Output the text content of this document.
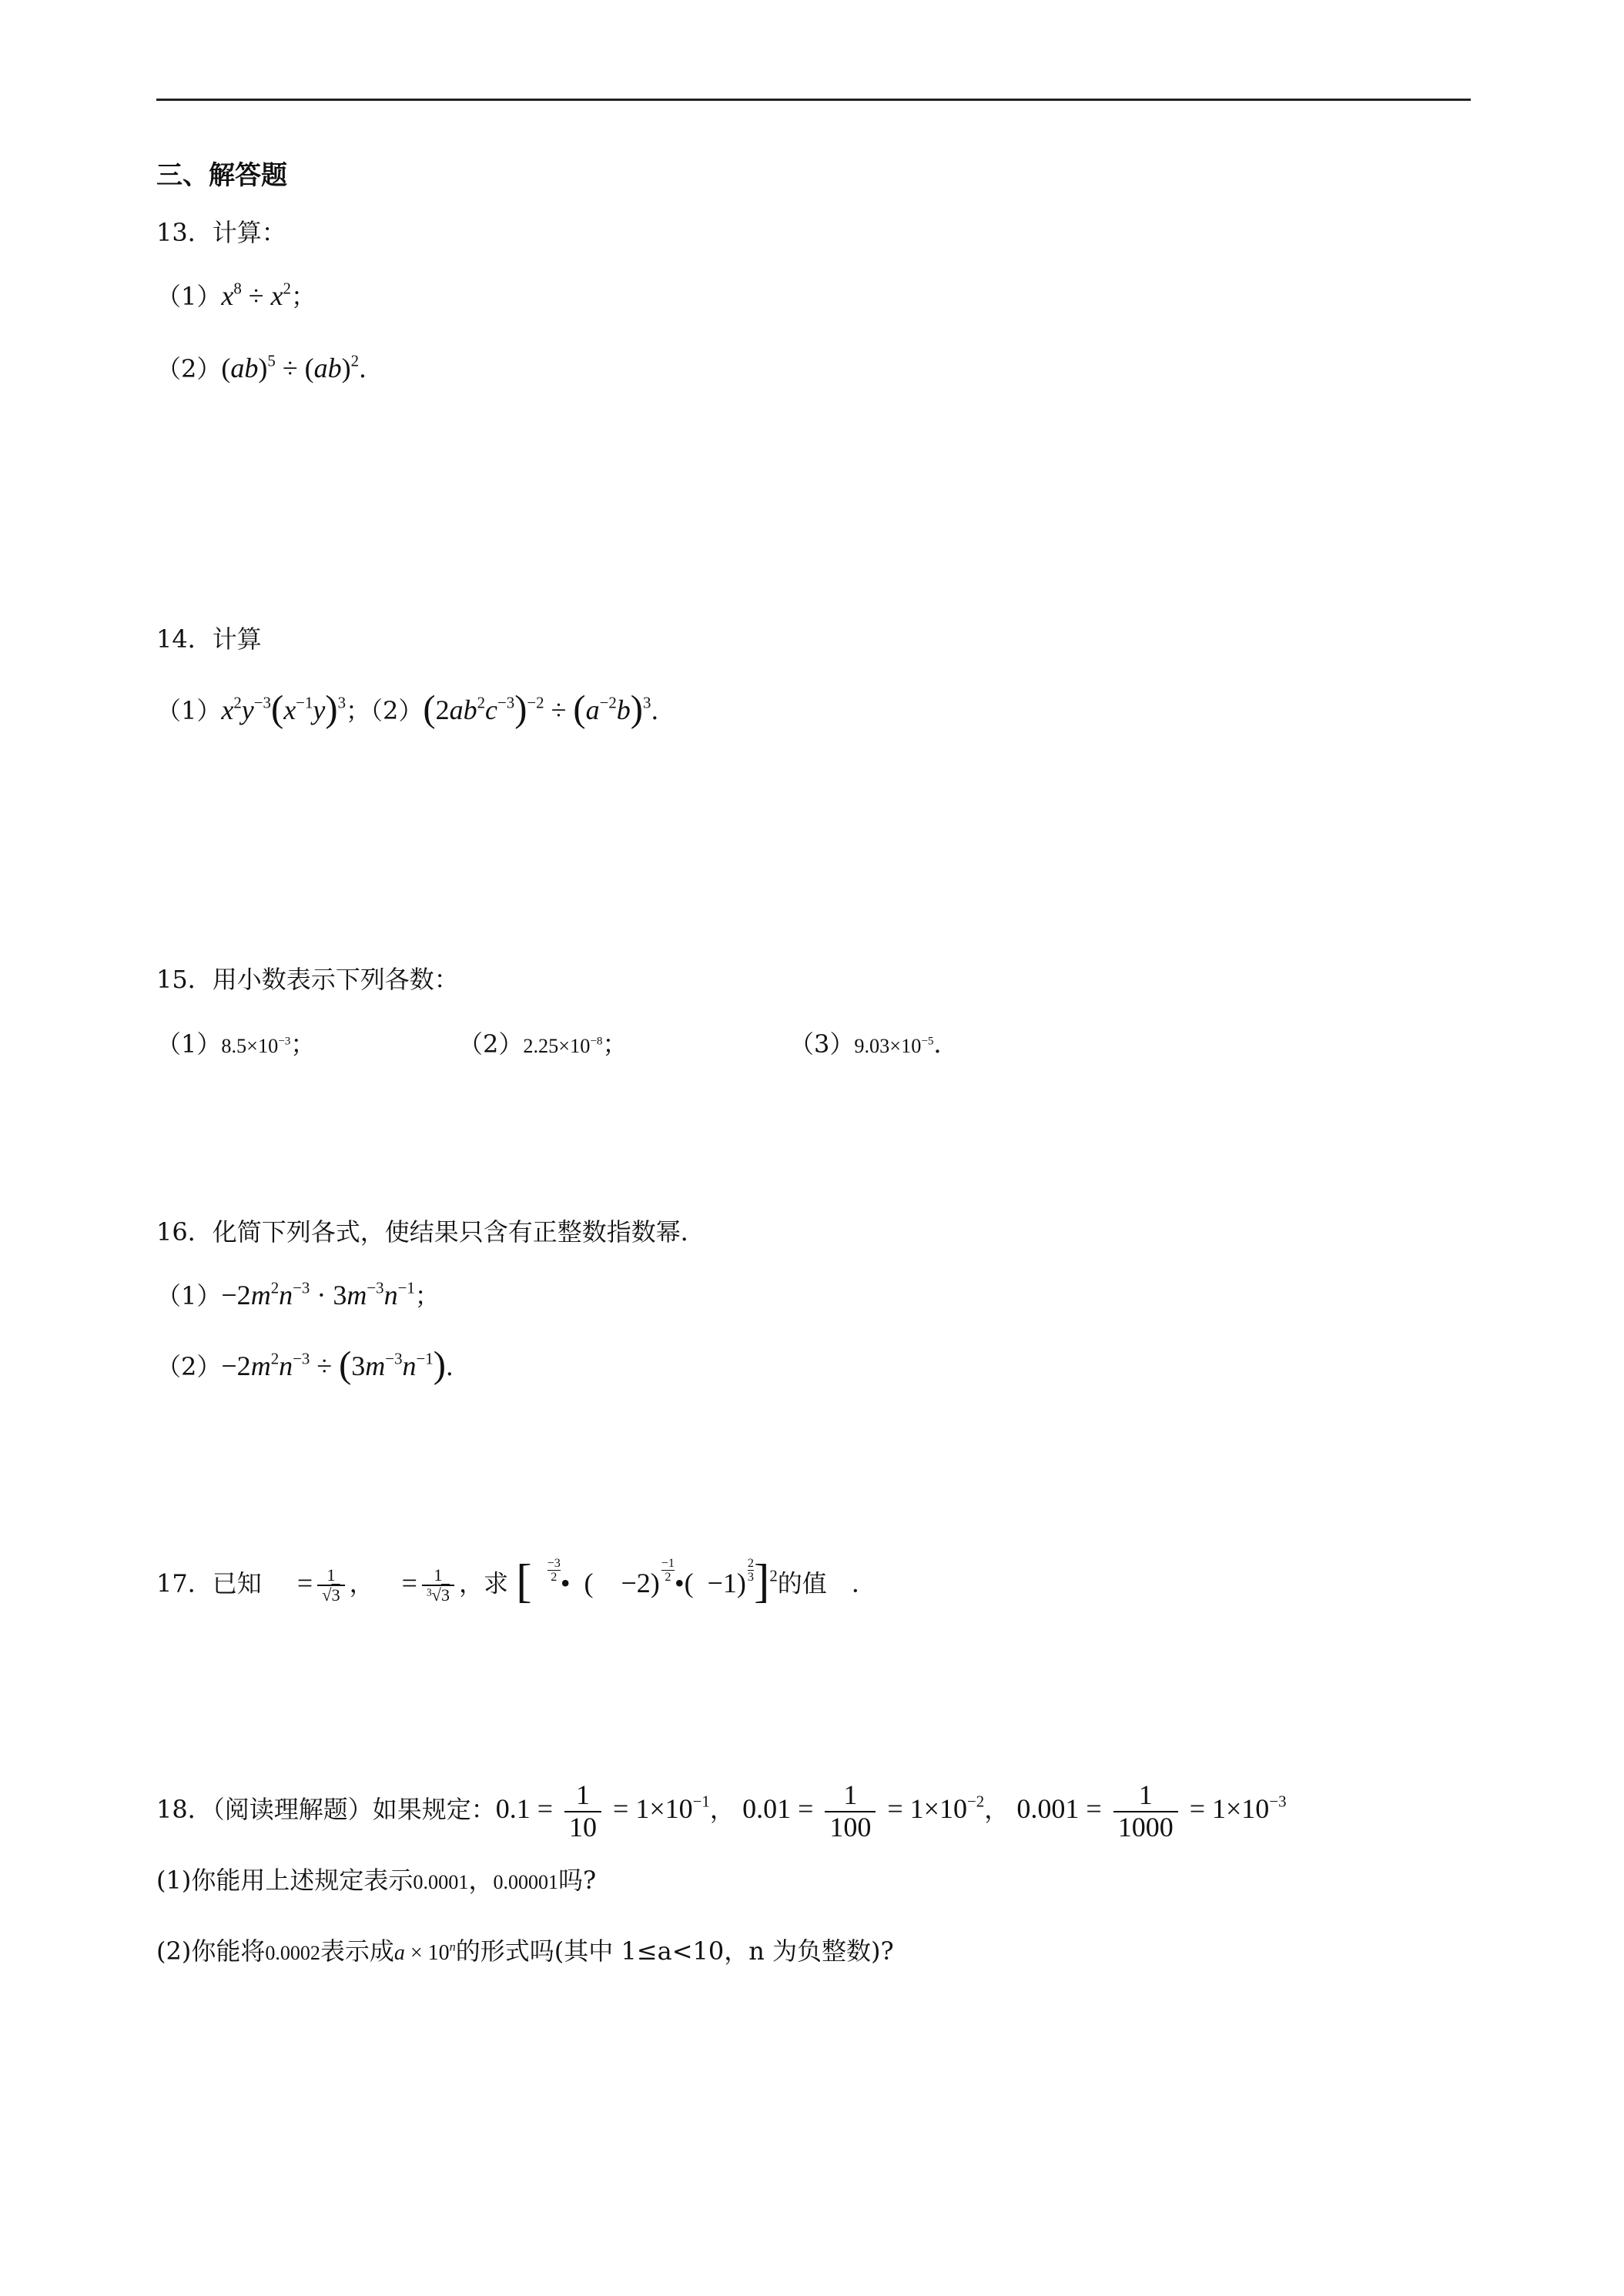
三、解答题
13．计算：
$(1)x^8 \div x^2$；
（2）(ab)$^5$ ÷ (ab)$^2$．
14．计算
$(1)x^2y^{-3}(x^{-1}y)^3$；$(2)(2ab^2c^{-3})^{-2} \div (a^{-2}b)^3$．
15．用小数表示下列各数：
$(1)8.5\times 10^{-3}$；	$(2)2.25\times 10^{-8}$；	$(3)9.03\times 10^{-5}$．
16．化简下列各式，使结果只含有正整数指数幂．
$(1)-2m^2n^{-3} \cdot 3m^{-3}n^{-1}$；
$(2)-2m^2n^{-3} \div (3m^{-3}n^{-1})$．
17．已知  = $\frac{1}{√3}$ ， = $\frac{1}{^3√3}$ ，求 [  $\frac{-3}{2}$ • ( $-2) \frac{-1}{2}$ •( $-1) \frac{2}{3} ]^2$的值  ．
18．（阅读理解题）如果规定：$0.1 = \frac{1}{10} = 1\times 10^{-1}$， $0.01 = \frac{1}{100} = 1\times 10^{-2}$， $0.001 = \frac{1}{1000} = 1\times 10^{-3}$
(1)你能用上述规定表示0.0001，0.00001吗?
(2)你能将0.0002表示成$a \times 10^n$的形式吗(其中 1≤a<10，n 为负整数)?
